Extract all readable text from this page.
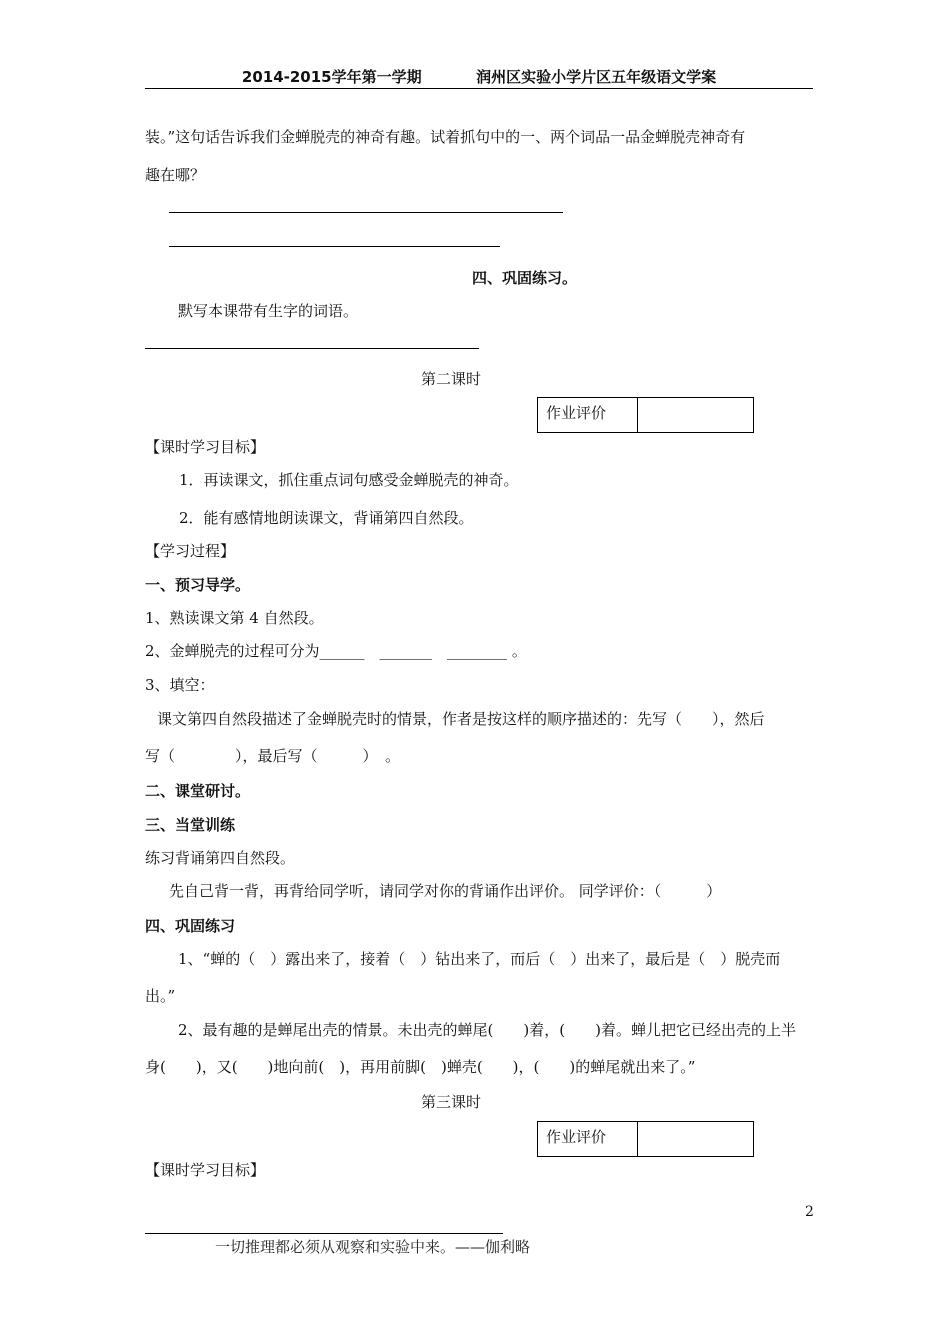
2014-2015学年第一学期	润州区实验小学片区五年级语文学案
装。”这句话告诉我们金蝉脱壳的神奇有趣。试着抓句中的一、两个词品一品金蝉脱壳神奇有
趣在哪？
四、巩固练习。
默写本课带有生字的词语。
第二课时
作业评价
【课时学习目标】
1．再读课文，抓住重点词句感受金蝉脱壳的神奇。
2．能有感情地朗读课文，背诵第四自然段。
【学习过程】
一、预习导学。
1、熟读课文第 4 自然段。
2、金蝉脱壳的过程可分为______　_______　________ 。
3、填空：
课文第四自然段描述了金蝉脱壳时的情景，作者是按这样的顺序描述的：先写（　　），然后
写（　　　　），最后写（　　　）　。
二、课堂研讨。
三、当堂训练
练习背诵第四自然段。
先自己背一背，再背给同学听，请同学对你的背诵作出评价。 同学评价：（　　　）
四、巩固练习
1、“蝉的（　）露出来了，接着（　）钻出来了，而后（　）出来了，最后是（　）脱壳而
出。”
2、最有趣的是蝉尾出壳的情景。未出壳的蝉尾(　　)着，(　　)着。蝉儿把它已经出壳的上半
身(　　)，又(　　)地向前(　)，再用前脚(　)蝉壳(　　)，(　　)的蝉尾就出来了。”
第三课时
作业评价
【课时学习目标】
2
一切推理都必须从观察和实验中来。——伽利略
